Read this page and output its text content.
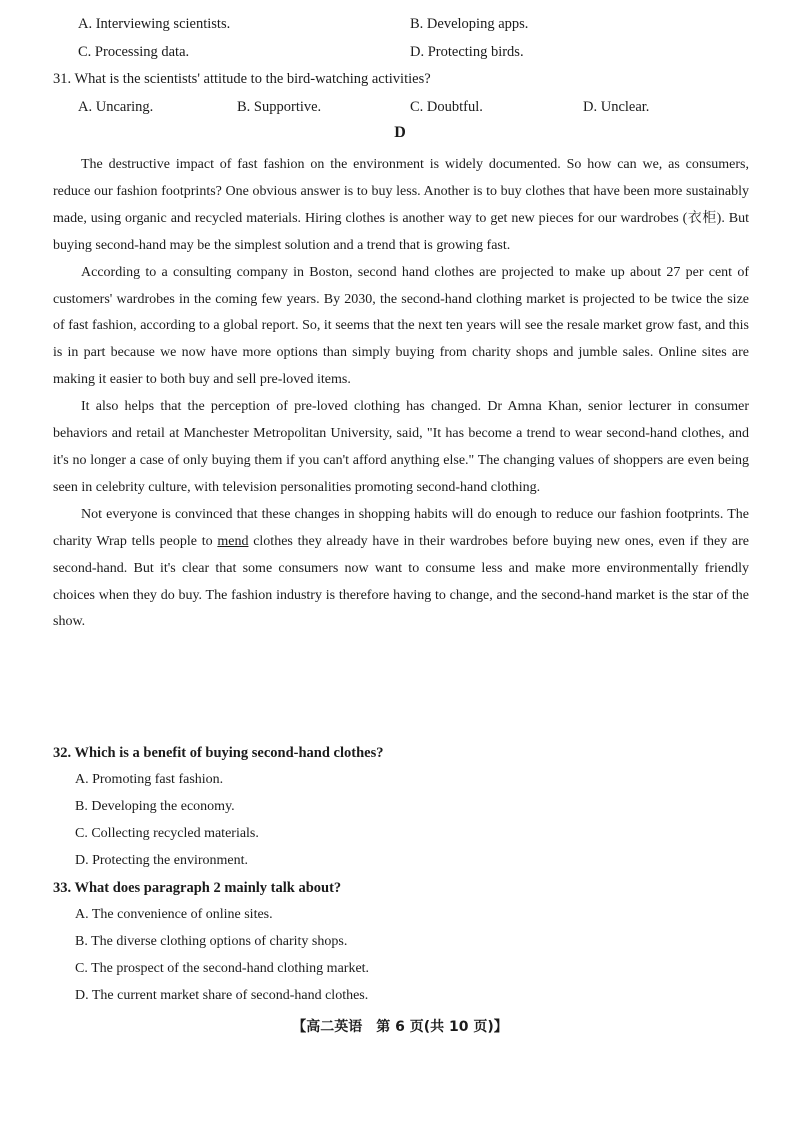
A. Interviewing scientists.	B. Developing apps.
C. Processing data.	D. Protecting birds.
31. What is the scientists' attitude to the bird-watching activities?
A. Uncaring.	B. Supportive.	C. Doubtful.	D. Unclear.
D

The destructive impact of fast fashion on the environment is widely documented. So how can we, as consumers, reduce our fashion footprints? One obvious answer is to buy less. Another is to buy clothes that have been more sustainably made, using organic and recycled materials. Hiring clothes is another way to get new pieces for our wardrobes (衣柜). But buying second-hand may be the simplest solution and a trend that is growing fast.

According to a consulting company in Boston, second hand clothes are projected to make up about 27 per cent of customers' wardrobes in the coming few years. By 2030, the second-hand clothing market is projected to be twice the size of fast fashion, according to a global report. So, it seems that the next ten years will see the resale market grow fast, and this is in part because we now have more options than simply buying from charity shops and jumble sales. Online sites are making it easier to both buy and sell pre-loved items.

It also helps that the perception of pre-loved clothing has changed. Dr Amna Khan, senior lecturer in consumer behaviors and retail at Manchester Metropolitan University, said, "It has become a trend to wear second-hand clothes, and it's no longer a case of only buying them if you can't afford anything else." The changing values of shoppers are even being seen in celebrity culture, with television personalities promoting second-hand clothing.

Not everyone is convinced that these changes in shopping habits will do enough to reduce our fashion footprints. The charity Wrap tells people to mend clothes they already have in their wardrobes before buying new ones, even if they are second-hand. But it's clear that some consumers now want to consume less and make more environmentally friendly choices when they do buy. The fashion industry is therefore having to change, and the second-hand market is the star of the show.

32. Which is a benefit of buying second-hand clothes?
A. Promoting fast fashion.
B. Developing the economy.
C. Collecting recycled materials.
D. Protecting the environment.
33. What does paragraph 2 mainly talk about?
A. The convenience of online sites.
B. The diverse clothing options of charity shops.
C. The prospect of the second-hand clothing market.
D. The current market share of second-hand clothes.
【高二英语　第 6 页(共 10 页)】
